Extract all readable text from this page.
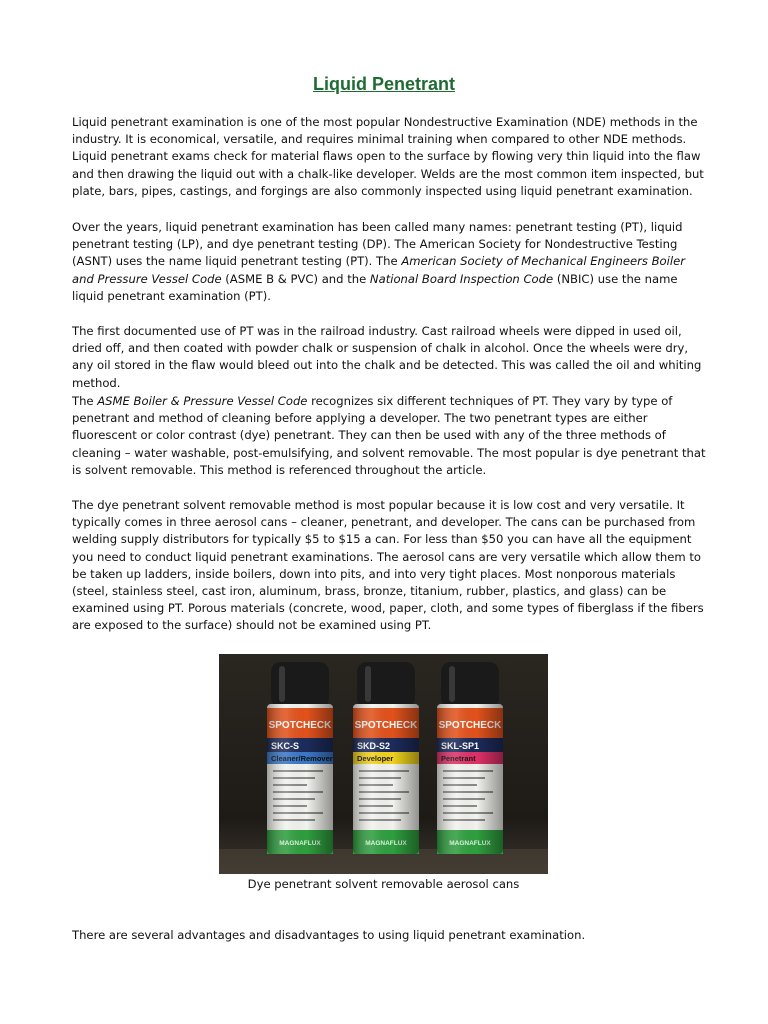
Liquid Penetrant
Liquid penetrant examination is one of the most popular Nondestructive Examination (NDE) methods in the industry. It is economical, versatile, and requires minimal training when compared to other NDE methods. Liquid penetrant exams check for material flaws open to the surface by flowing very thin liquid into the flaw and then drawing the liquid out with a chalk-like developer. Welds are the most common item inspected, but plate, bars, pipes, castings, and forgings are also commonly inspected using liquid penetrant examination.
Over the years, liquid penetrant examination has been called many names: penetrant testing (PT), liquid penetrant testing (LP), and dye penetrant testing (DP). The American Society for Nondestructive Testing (ASNT) uses the name liquid penetrant testing (PT). The American Society of Mechanical Engineers Boiler and Pressure Vessel Code (ASME B & PVC) and the National Board Inspection Code (NBIC) use the name liquid penetrant examination (PT).
The first documented use of PT was in the railroad industry. Cast railroad wheels were dipped in used oil, dried off, and then coated with powder chalk or suspension of chalk in alcohol. Once the wheels were dry, any oil stored in the flaw would bleed out into the chalk and be detected. This was called the oil and whiting method.
The ASME Boiler & Pressure Vessel Code recognizes six different techniques of PT. They vary by type of penetrant and method of cleaning before applying a developer. The two penetrant types are either fluorescent or color contrast (dye) penetrant. They can then be used with any of the three methods of cleaning – water washable, post-emulsifying, and solvent removable. The most popular is dye penetrant that is solvent removable. This method is referenced throughout the article.
The dye penetrant solvent removable method is most popular because it is low cost and very versatile. It typically comes in three aerosol cans – cleaner, penetrant, and developer. The cans can be purchased from welding supply distributors for typically $5 to $15 a can. For less than $50 you can have all the equipment you need to conduct liquid penetrant examinations. The aerosol cans are very versatile which allow them to be taken up ladders, inside boilers, down into pits, and into very tight places. Most nonporous materials (steel, stainless steel, cast iron, aluminum, brass, bronze, titanium, rubber, plastics, and glass) can be examined using PT. Porous materials (concrete, wood, paper, cloth, and some types of fiberglass if the fibers are exposed to the surface) should not be examined using PT.
Dye penetrant solvent removable aerosol cans
There are several advantages and disadvantages to using liquid penetrant examination.
